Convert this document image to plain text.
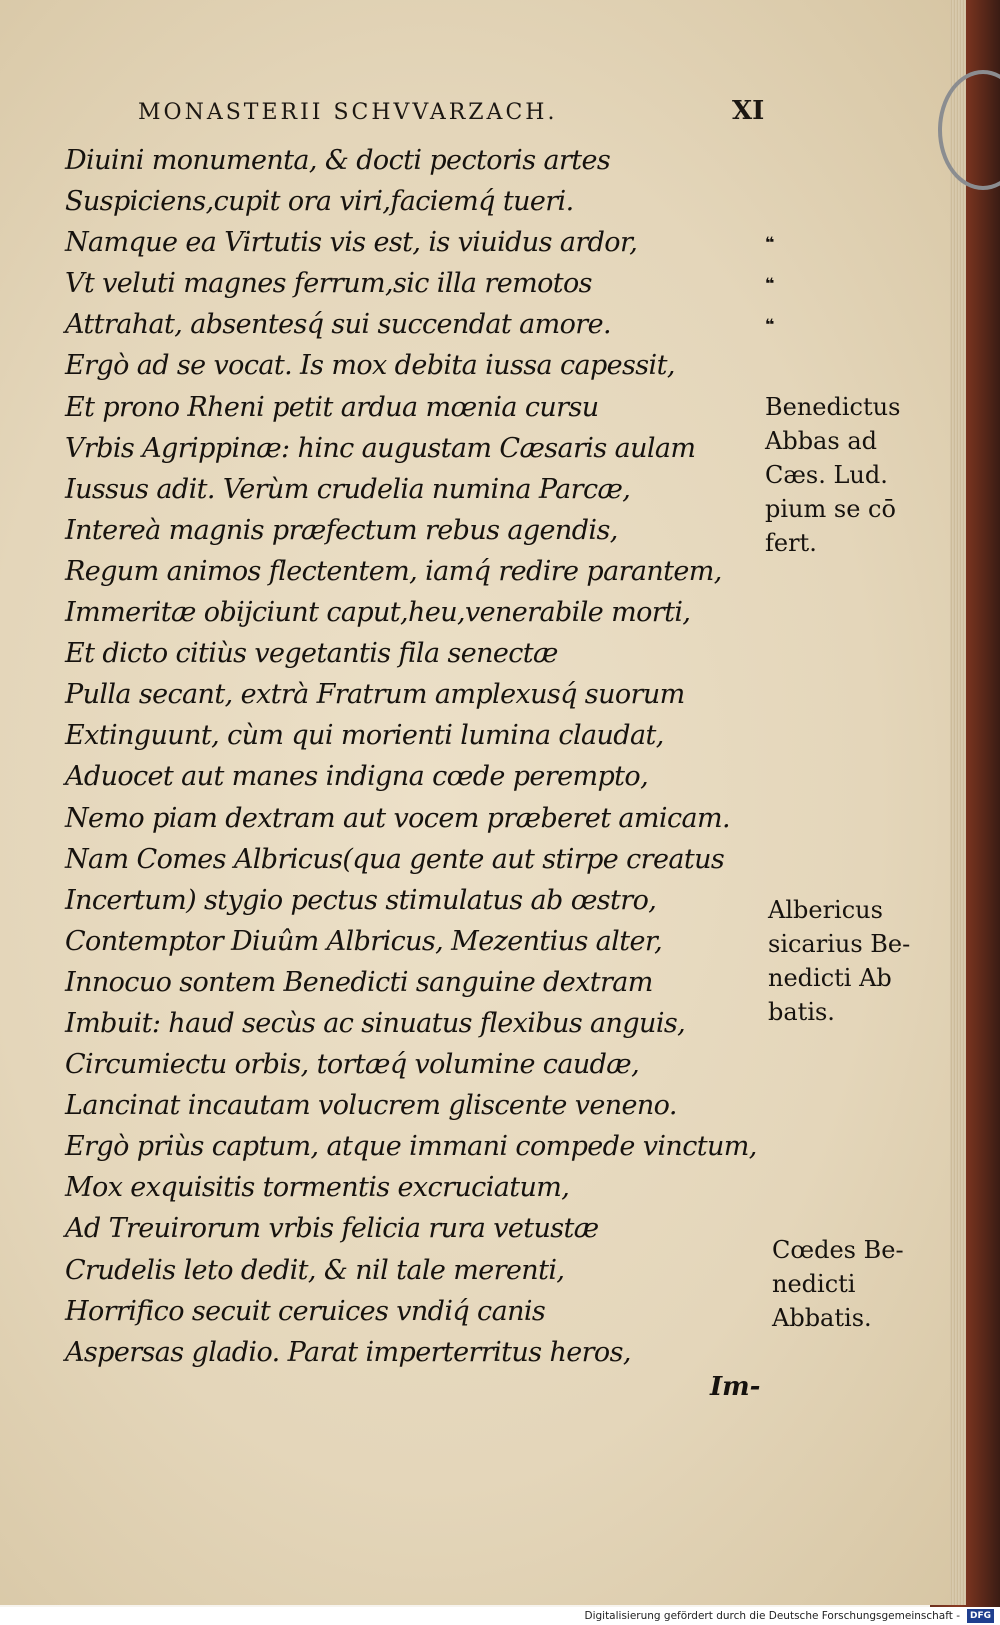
MONASTERII SCHVVARZACH.	XI
Diuini monumenta, & docti pectoris artes
Suspiciens,cupit ora viri,faciemq́ tueri.
Namque ea Virtutis vis est, is viuidus ardor,
Vt veluti magnes ferrum,sic illa remotos
Attrahat, absentesq́ sui succendat amore.
Ergò ad se vocat. Is mox debita iussa capessit,
Et prono Rheni petit ardua mœnia cursu
Vrbis Agrippinæ: hinc augustam Cæsaris aulam
Iussus adit. Verùm crudelia numina Parcæ,
Intereà magnis præfectum rebus agendis,
Regum animos flectentem, iamq́ redire parantem,
Immeritæ obijciunt caput,heu,venerabile morti,
Et dicto citiùs vegetantis fila senectæ
Pulla secant, extrà Fratrum amplexusq́ suorum
Extinguunt, cùm qui morienti lumina claudat,
Aduocet aut manes indigna cœde perempto,
Nemo piam dextram aut vocem præberet amicam.
Nam Comes Albricus(qua gente aut stirpe creatus
Incertum) stygio pectus stimulatus ab œstro,
Contemptor Diuûm Albricus, Mezentius alter,
Innocuo sontem Benedicti sanguine dextram
Imbuit: haud secùs ac sinuatus flexibus anguis,
Circumiectu orbis, tortæq́ volumine caudæ,
Lancinat incautam volucrem gliscente veneno.
Ergò priùs captum, atque immani compede vinctum,
Mox exquisitis tormentis excruciatum,
Ad Treuirorum vrbis felicia rura vetustæ
Crudelis leto dedit, & nil tale merenti,
Horrifico secuit ceruices vndiq́ canis
Aspersas gladio. Parat imperterritus heros,
❝
❝
❝
Benedictus
Abbas ad
Cæs. Lud.
pium se cō
fert.
Albericus
sicarius Be-
nedicti Ab
batis.
Cœdes Be-
nedicti
Abbatis.
Im-
Digitalisierung gefördert durch die Deutsche Forschungsgemeinschaft -	DFG
